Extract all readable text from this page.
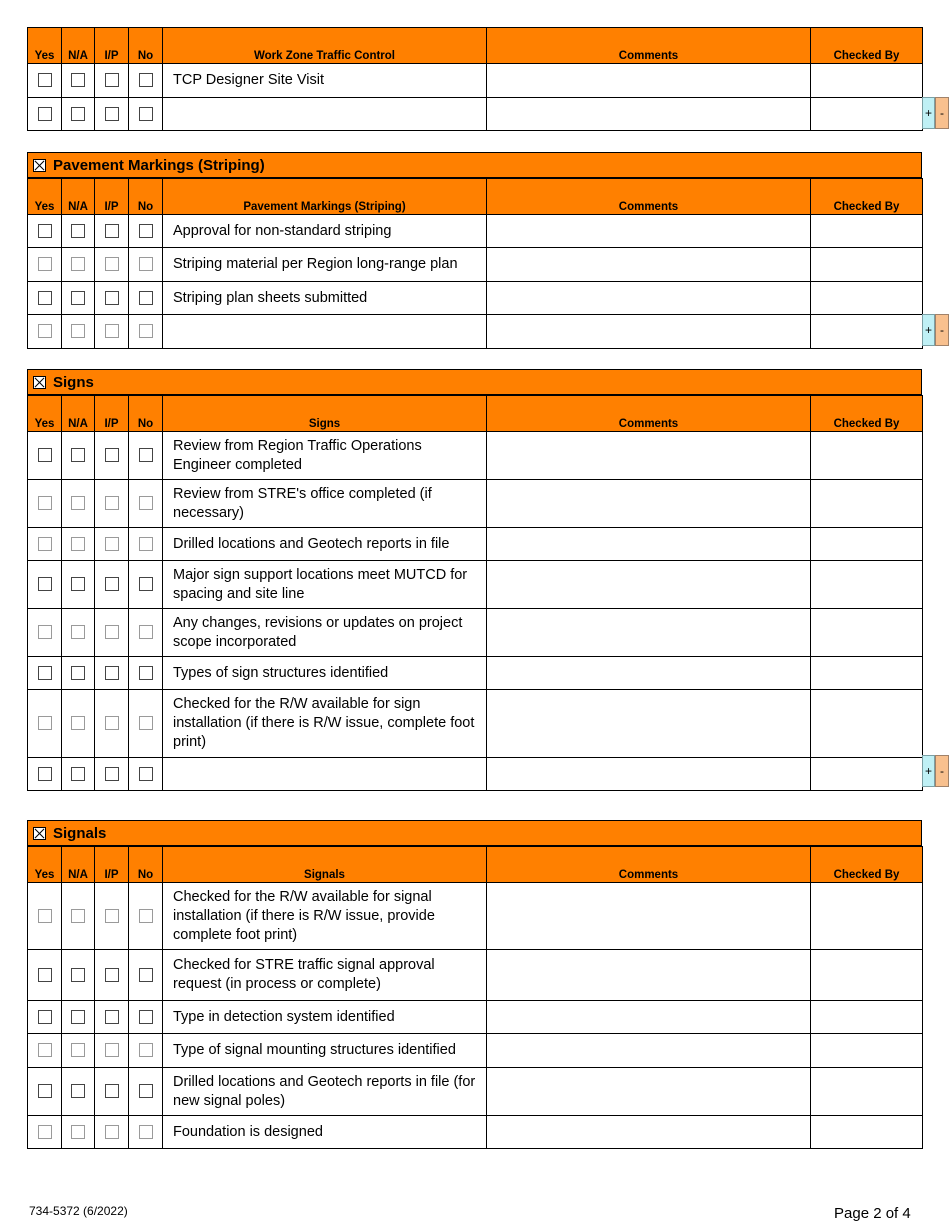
Yes	N/A	I/P	No	Work Zone Traffic Control	Comments	Checked By
				TCP Designer Site Visit		

+ -
Pavement Markings (Striping)
Yes	N/A	I/P	No	Pavement Markings (Striping)	Comments	Checked By
				Approval for non-standard striping		
				Striping material per Region long-range plan		
				Striping plan sheets submitted		

+ -
Signs
Yes	N/A	I/P	No	Signs	Comments	Checked By
				Review from Region Traffic Operations Engineer completed		
				Review from STRE's office completed (if necessary)		
				Drilled locations and Geotech reports in file		
				Major sign support locations meet MUTCD for spacing and site line		
				Any changes, revisions or updates on project scope incorporated		
				Types of sign structures identified		
				Checked for the R/W available for sign installation (if there is R/W issue, complete foot print)		

+ -
Signals
Yes	N/A	I/P	No	Signals	Comments	Checked By
				Checked for the R/W available for signal installation (if there is R/W issue, provide complete foot print)		
				Checked for STRE traffic signal approval request (in process or complete)		
				Type in detection system identified		
				Type of signal mounting structures identified		
				Drilled locations and Geotech reports in file (for new signal poles)		
				Foundation is designed		
734-5372 (6/2022)	Page 2 of 4
